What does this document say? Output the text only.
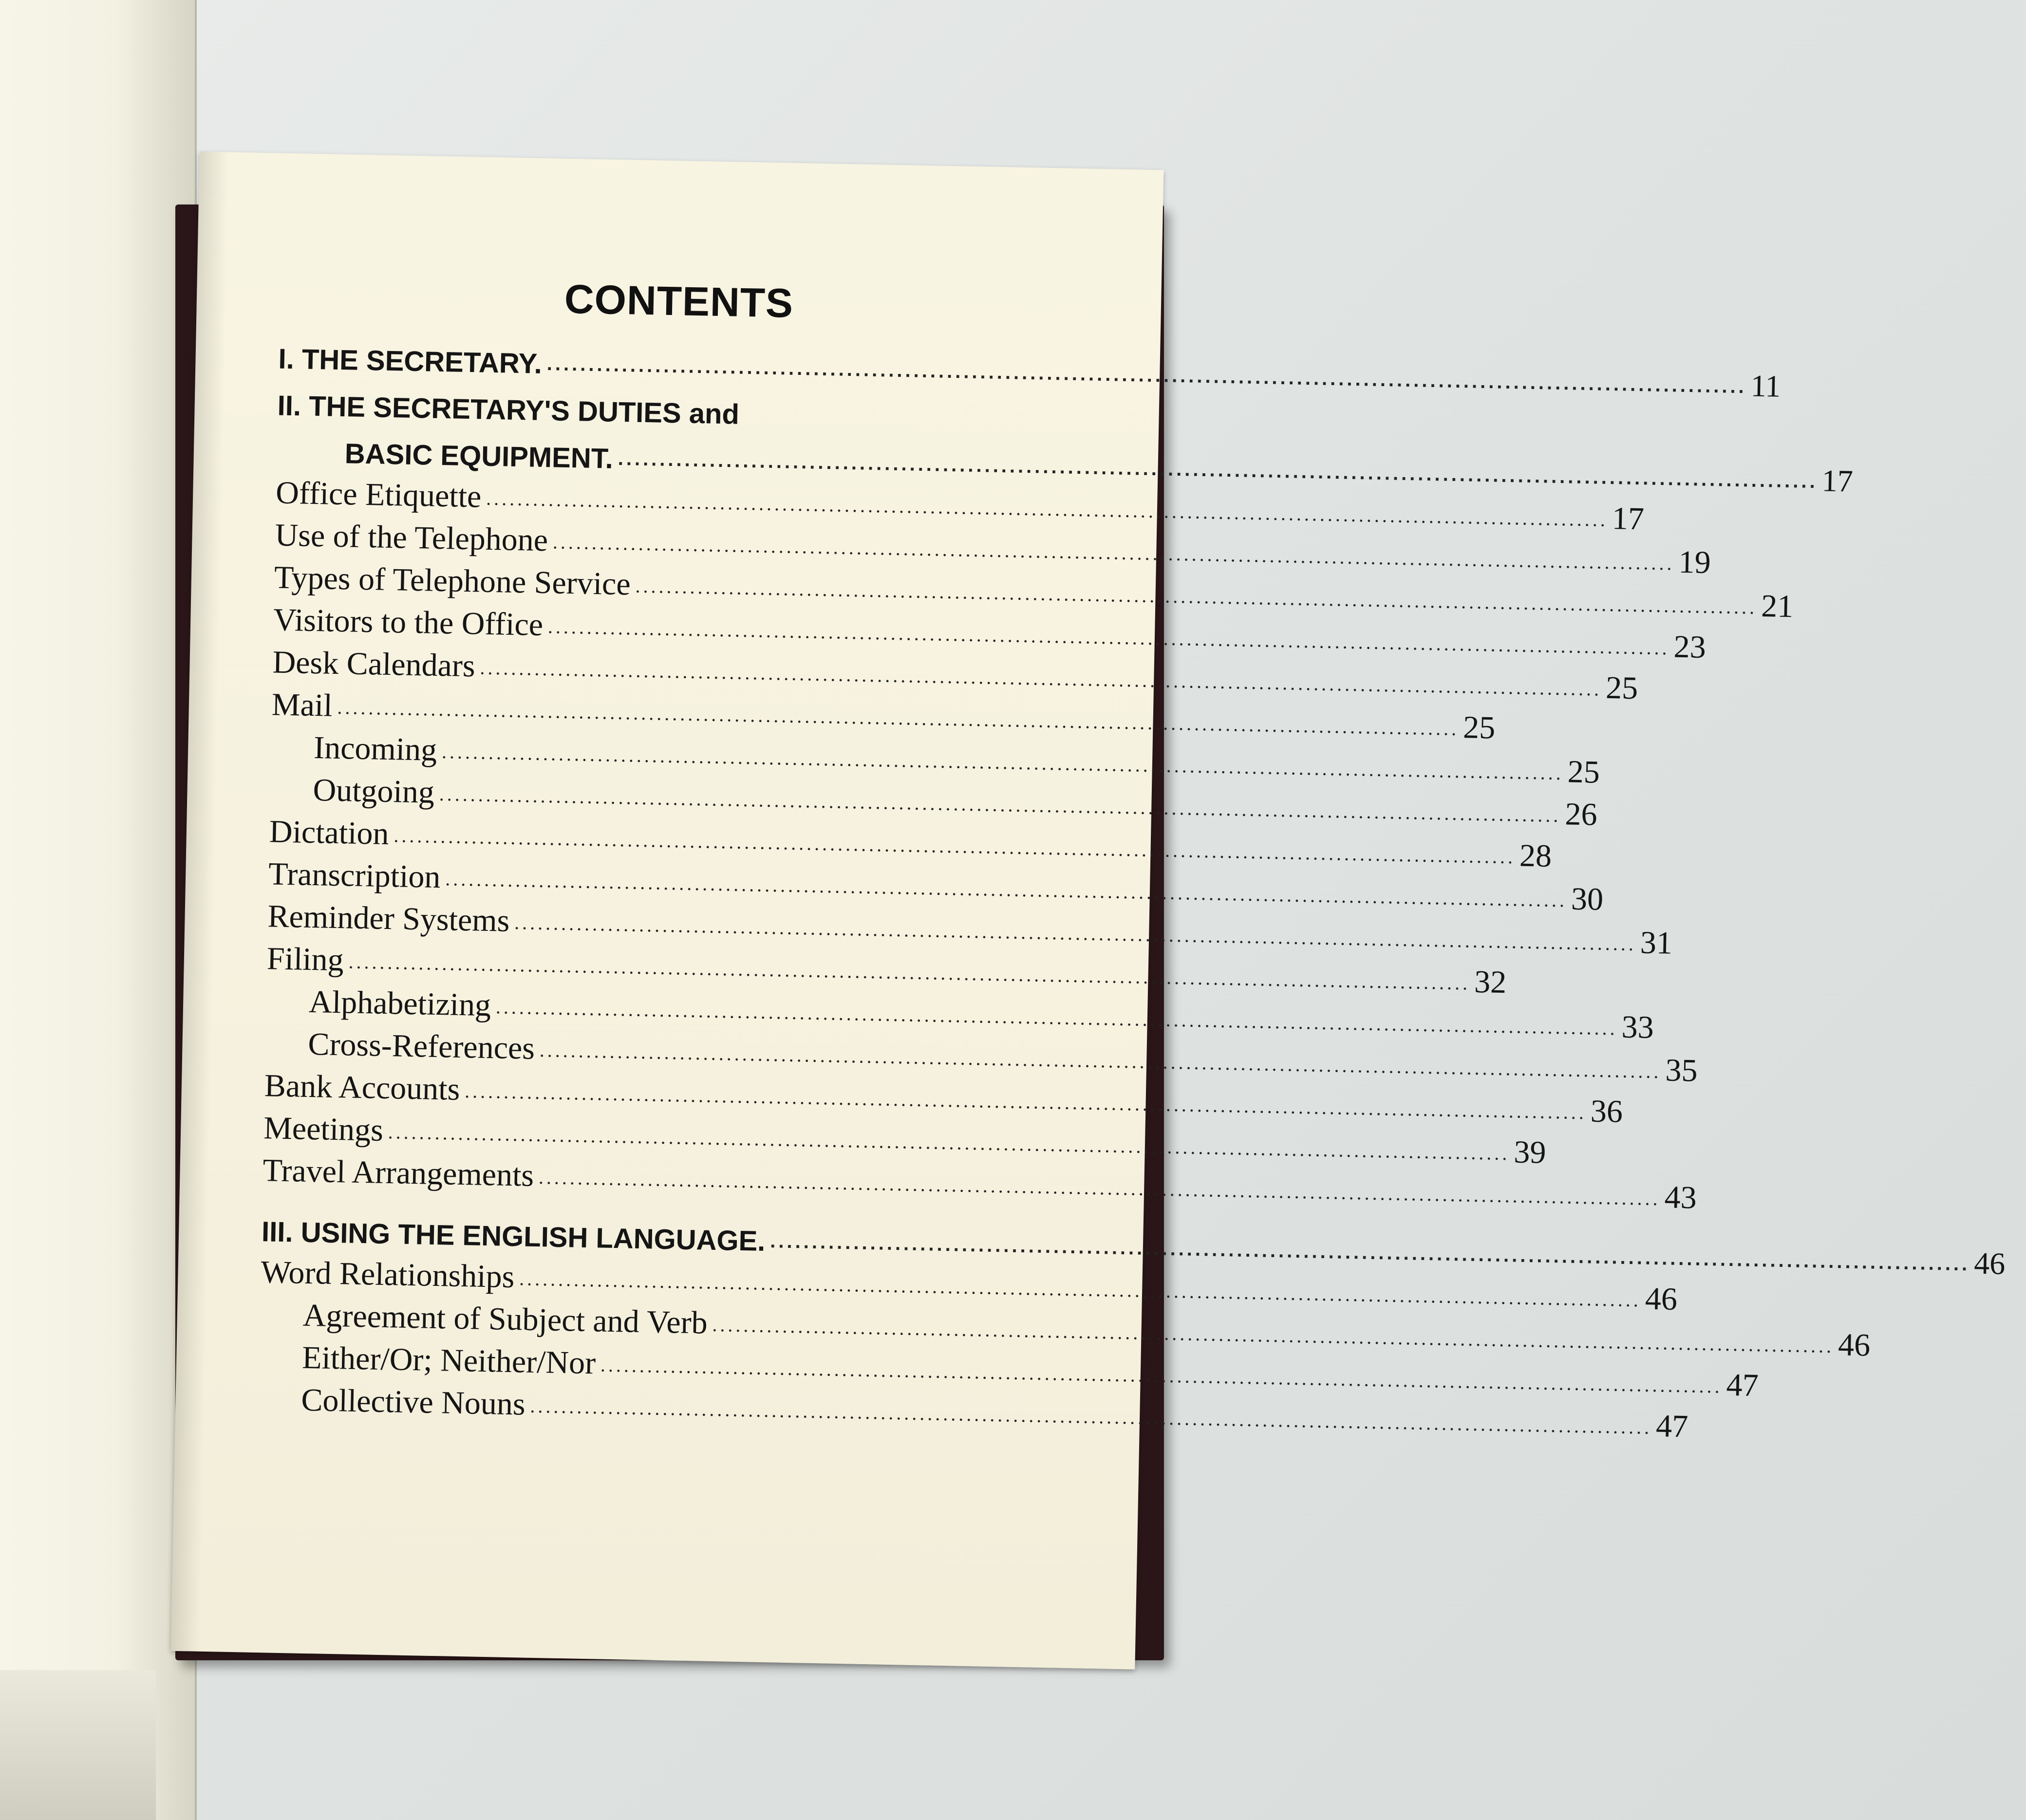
CONTENTS
I. THE SECRETARY. ................................................................................................................................................ 11
II.
THE SECRETARY'S DUTIES and
BASIC EQUIPMENT. ................................................................................................................................................ 17
Office Etiquette ................................................................................................................................................ 17
Use of the Telephone ................................................................................................................................................ 19
Types of Telephone Service ................................................................................................................................................ 21
Visitors to the Office ................................................................................................................................................ 23
Desk Calendars ................................................................................................................................................ 25
Mail ................................................................................................................................................ 25
Incoming ................................................................................................................................................ 25
Outgoing ................................................................................................................................................ 26
Dictation ................................................................................................................................................ 28
Transcription ................................................................................................................................................ 30
Reminder Systems ................................................................................................................................................ 31
Filing ................................................................................................................................................ 32
Alphabetizing ................................................................................................................................................ 33
Cross-References ................................................................................................................................................ 35
Bank Accounts ................................................................................................................................................ 36
Meetings ................................................................................................................................................ 39
Travel Arrangements ................................................................................................................................................ 43
III. USING THE ENGLISH LANGUAGE. ................................................................................................................................................ 46
Word Relationships ................................................................................................................................................ 46
Agreement of Subject and Verb ................................................................................................................................................ 46
Either/Or; Neither/Nor ................................................................................................................................................ 47
Collective Nouns ................................................................................................................................................ 47
